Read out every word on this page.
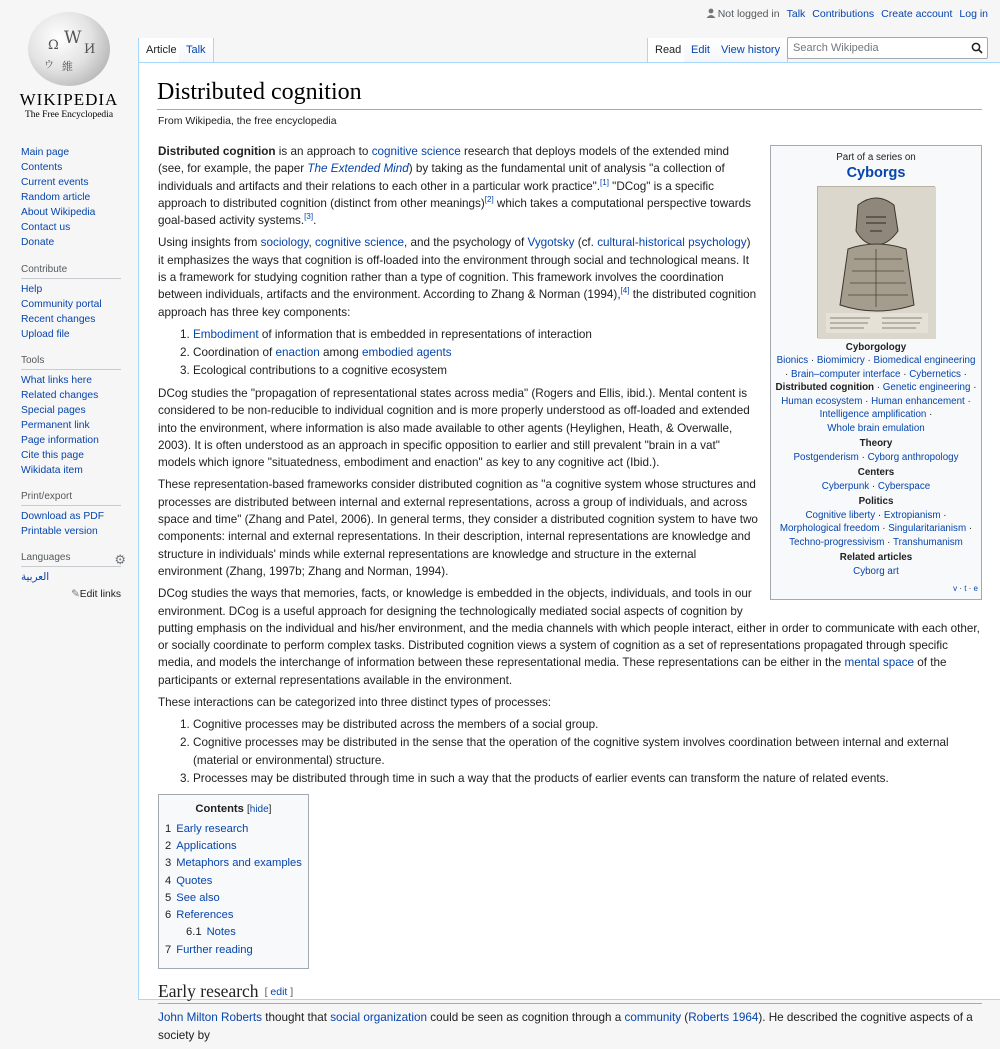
Ω W
И
維
ウ
WIKIPEDIA
The Free Encyclopedia
Main page
Contents
Current events
Random article
About Wikipedia
Contact us
Donate
Contribute
Help
Community portal
Recent changes
Upload file
Tools
What links here
Related changes
Special pages
Permanent link
Page information
Cite this page
Wikidata item
Print/export
Download as PDF
Printable version
Languages	⚙
العربية
✎Edit links
Not logged in Talk Contributions Create account Log in
Article Talk	Read Edit	View history
Search Wikipedia
Distributed cognition
From Wikipedia, the free encyclopedia
Part of a series on
Cyborgs
Cyborgology
Bionics · Biomimicry · Biomedical engineering
· Brain–computer interface · Cybernetics ·
Distributed cognition · Genetic engineering ·
Human ecosystem · Human enhancement ·
Intelligence amplification ·
Whole brain emulation
Theory
Postgenderism · Cyborg anthropology
Centers
Cyberpunk · Cyberspace
Politics
Cognitive liberty · Extropianism ·
Morphological freedom · Singularitarianism ·
Techno-progressivism · Transhumanism
Related articles
Cyborg art
v · t · e

Distributed cognition is an approach to cognitive science research that deploys models of the extended mind (see, for example, the paper The Extended Mind) by taking as the fundamental unit of analysis "a collection of individuals and artifacts and their relations to each other in a particular work practice".[1] "DCog" is a specific approach to distributed cognition (distinct from other meanings)[2] which takes a computational perspective towards goal-based activity systems.[3].

Using insights from sociology, cognitive science, and the psychology of Vygotsky (cf. cultural-historical psychology) it emphasizes the ways that cognition is off-loaded into the environment through social and technological means. It is a framework for studying cognition rather than a type of cognition. This framework involves the coordination between individuals, artifacts and the environment. According to Zhang & Norman (1994),[4] the distributed cognition approach has three key components:

1. Embodiment of information that is embedded in representations of interaction
2. Coordination of enaction among embodied agents
3. Ecological contributions to a cognitive ecosystem

DCog studies the "propagation of representational states across media" (Rogers and Ellis, ibid.). Mental content is considered to be non-reducible to individual cognition and is more properly understood as off-loaded and extended into the environment, where information is also made available to other agents (Heylighen, Heath, & Overwalle, 2003). It is often understood as an approach in specific opposition to earlier and still prevalent "brain in a vat" models which ignore "situatedness, embodiment and enaction" as key to any cognitive act (Ibid.).

These representation-based frameworks consider distributed cognition as "a cognitive system whose structures and processes are distributed between internal and external representations, across a group of individuals, and across space and time" (Zhang and Patel, 2006). In general terms, they consider a distributed cognition system to have two components: internal and external representations. In their description, internal representations are knowledge and structure in individuals' minds while external representations are knowledge and structure in the external environment (Zhang, 1997b; Zhang and Norman, 1994).

DCog studies the ways that memories, facts, or knowledge is embedded in the objects, individuals, and tools in our environment. DCog is a useful approach for designing the technologically mediated social aspects of cognition by putting emphasis on the individual and his/her environment, and the media channels with which people interact, either in order to communicate with each other, or socially coordinate to perform complex tasks. Distributed cognition views a system of cognition as a set of representations propagated through specific media, and models the interchange of information between these representational media. These representations can be either in the mental space of the participants or external representations available in the environment.

These interactions can be categorized into three distinct types of processes:

1. Cognitive processes may be distributed across the members of a social group.
2. Cognitive processes may be distributed in the sense that the operation of the cognitive system involves coordination between internal and external (material or environmental) structure.
3. Processes may be distributed through time in such a way that the products of earlier events can transform the nature of related events.
Contents [hide]
1 Early research
2 Applications
3 Metaphors and examples
4 Quotes
5 See also
6 References
6.1 Notes
7 Further reading
Early research [ edit ]

John Milton Roberts thought that social organization could be seen as cognition through a community (Roberts 1964). He described the cognitive aspects of a society by
